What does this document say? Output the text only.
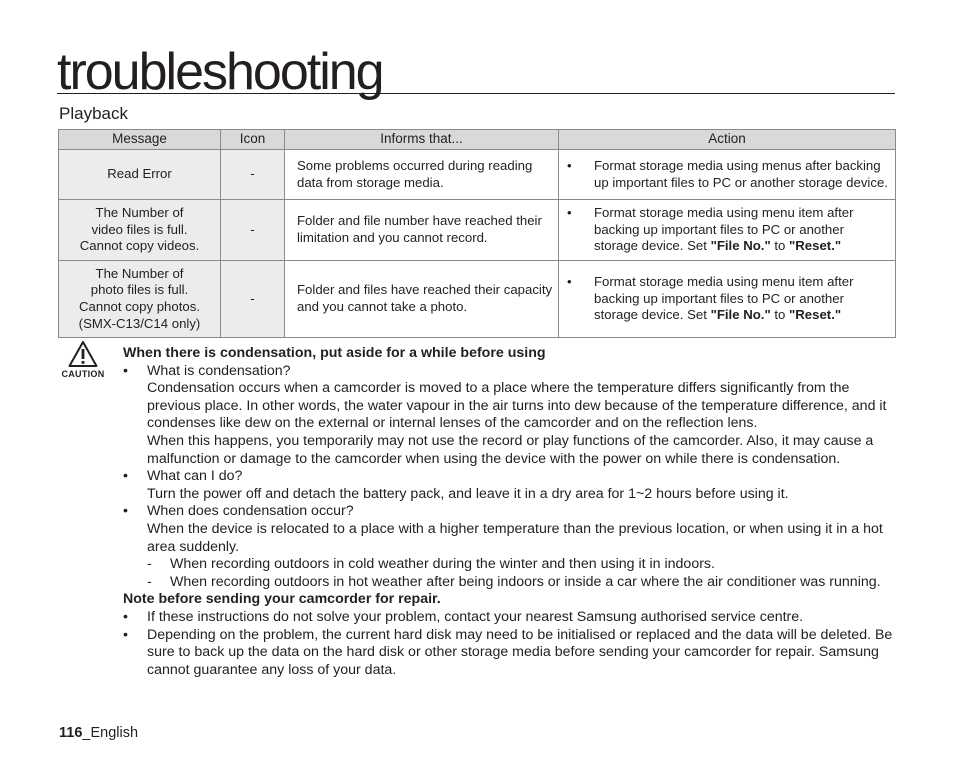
troubleshooting
Playback
Message	Icon	Informs that...	Action
Read Error	-	Some problems occurred during reading data from storage media.	• Format storage media using menus after backing up important files to PC or another storage device.

The Number of
video files is full.
Cannot copy videos.	-	Folder and file number have reached their limitation and you cannot record.	• Format storage media using menu item after backing up important files to PC or another storage device. Set "File No." to "Reset."

The Number of
photo files is full.
Cannot copy photos.
(SMX-C13/C14 only)	-	Folder and files have reached their capacity and you cannot take a photo.	• Format storage media using menu item after backing up important files to PC or another storage device. Set "File No." to "Reset."
CAUTION

When there is condensation, put aside for a while before using

•	What is condensation?

Condensation occurs when a camcorder is moved to a place where the temperature differs significantly from the previous place. In other words, the water vapour in the air turns into dew because of the temperature difference, and it condenses like dew on the external or internal lenses of the camcorder and on the reflection lens.

When this happens, you temporarily may not use the record or play functions of the camcorder. Also, it may cause a malfunction or damage to the camcorder when using the device with the power on while there is condensation.

•	What can I do?

Turn the power off and detach the battery pack, and leave it in a dry area for 1~2 hours before using it.

•	When does condensation occur?

When the device is relocated to a place with a higher temperature than the previous location, or when using it in a hot area suddenly.

-	When recording outdoors in cold weather during the winter and then using it in indoors.
-	When recording outdoors in hot weather after being indoors or inside a car where the air conditioner was running.

Note before sending your camcorder for repair.

•	If these instructions do not solve your problem, contact your nearest Samsung authorised service centre.
•	Depending on the problem, the current hard disk may need to be initialised or replaced and the data will be deleted. Be sure to back up the data on the hard disk or other storage media before sending your camcorder for repair. Samsung cannot guarantee any loss of your data.
116_English
